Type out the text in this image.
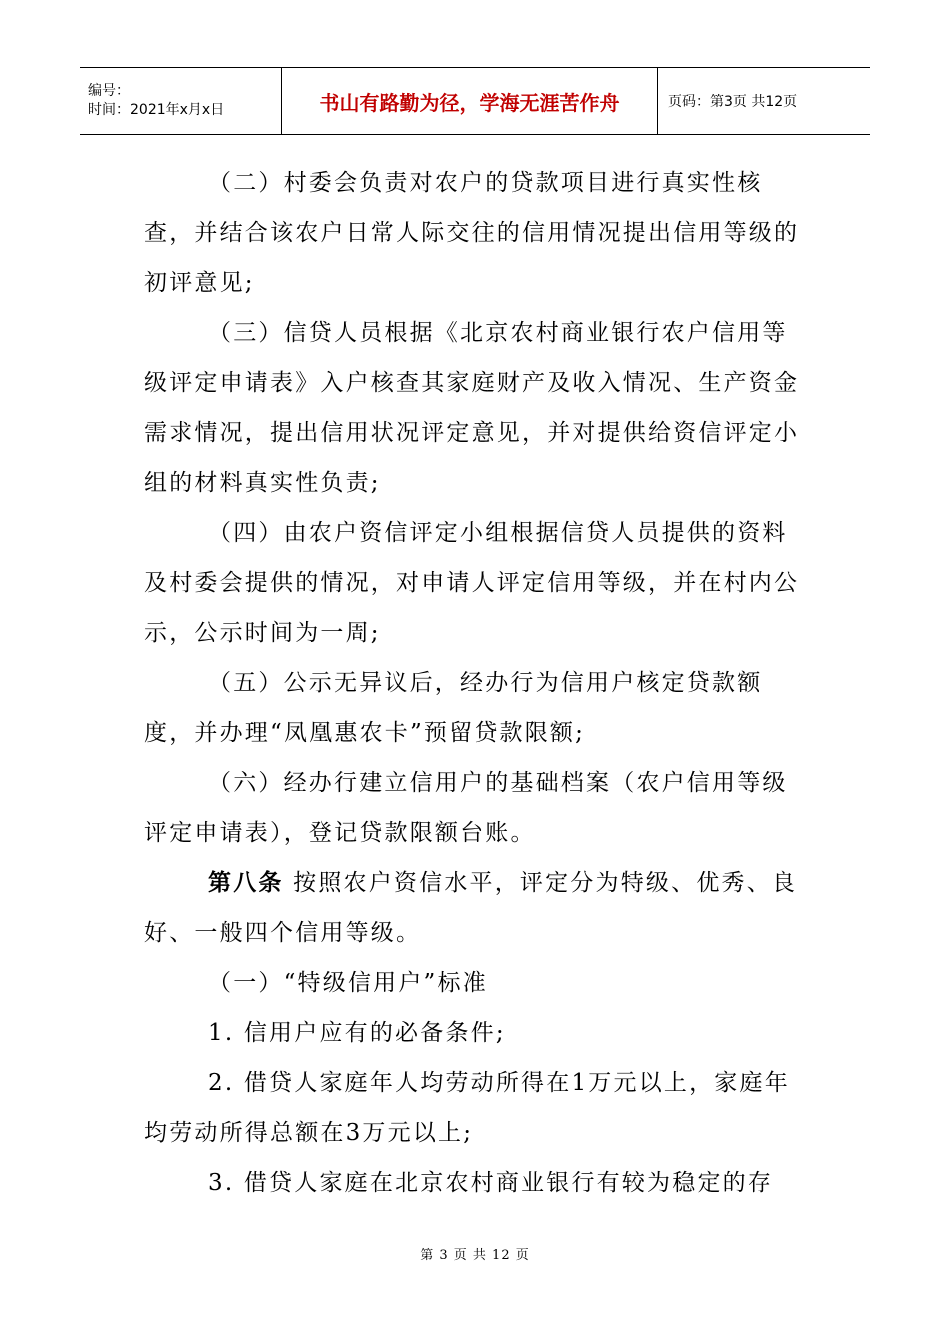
编号：
时间：2021年x月x日	书山有路勤为径，学海无涯苦作舟	页码：第3页 共12页

（二）村委会负责对农户的贷款项目进行真实性核查，并结合该农户日常人际交往的信用情况提出信用等级的初评意见;

（三）信贷人员根据《北京农村商业银行农户信用等级评定申请表》入户核查其家庭财产及收入情况、生产资金需求情况，提出信用状况评定意见，并对提供给资信评定小组的材料真实性负责;

（四）由农户资信评定小组根据信贷人员提供的资料及村委会提供的情况，对申请人评定信用等级，并在村内公示，公示时间为一周;

（五）公示无异议后，经办行为信用户核定贷款额度，并办理“凤凰惠农卡”预留贷款限额;

（六）经办行建立信用户的基础档案（农户信用等级评定申请表），登记贷款限额台账。

第八条 按照农户资信水平，评定分为特级、优秀、良好、一般四个信用等级。

（一）“特级信用户”标准

1. 信用户应有的必备条件;

2. 借贷人家庭年人均劳动所得在1万元以上，家庭年均劳动所得总额在3万元以上;

3. 借贷人家庭在北京农村商业银行有较为稳定的存

第 3 页 共 12 页
